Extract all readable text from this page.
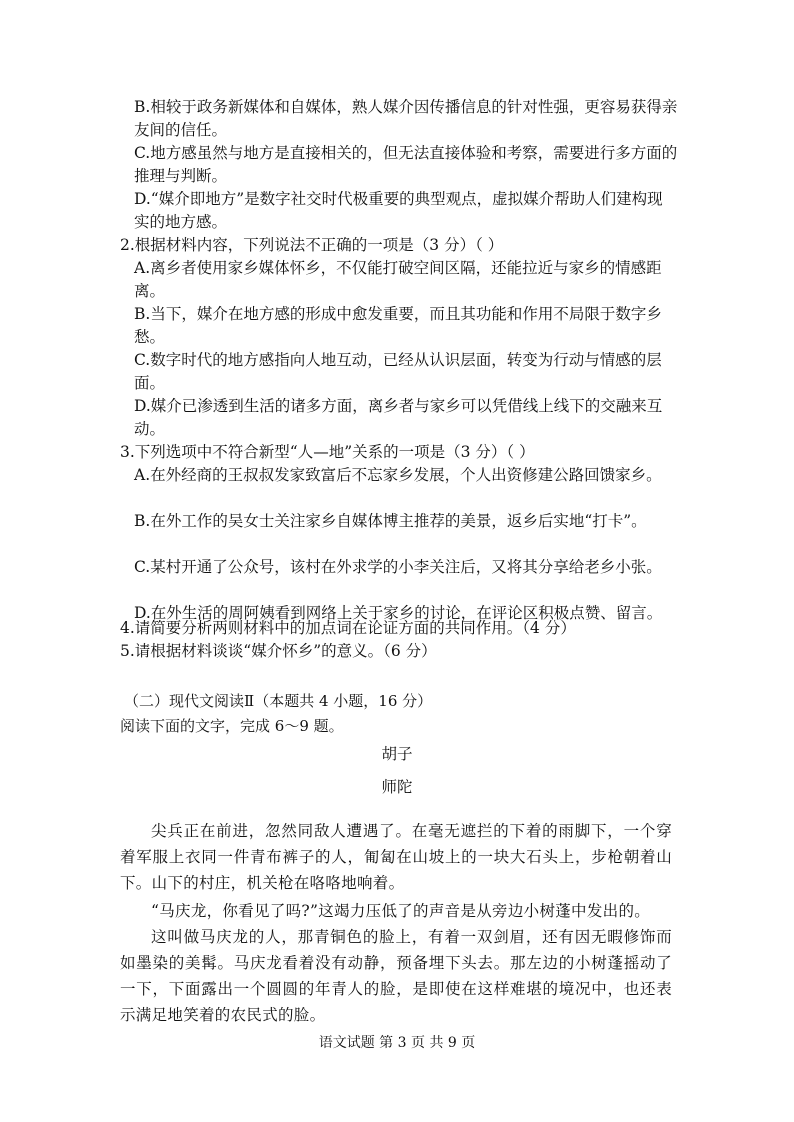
B.相较于政务新媒体和自媒体，熟人媒介因传播信息的针对性强，更容易获得亲友间的信任。
C.地方感虽然与地方是直接相关的，但无法直接体验和考察，需要进行多方面的推理与判断。
D.“媒介即地方”是数字社交时代极重要的典型观点，虚拟媒介帮助人们建构现实的地方感。
2.根据材料内容，下列说法不正确的一项是（3 分）（ ）
A.离乡者使用家乡媒体怀乡，不仅能打破空间区隔，还能拉近与家乡的情感距离。
B.当下，媒介在地方感的形成中愈发重要，而且其功能和作用不局限于数字乡愁。
C.数字时代的地方感指向人地互动，已经从认识层面，转变为行动与情感的层面。
D.媒介已渗透到生活的诸多方面，离乡者与家乡可以凭借线上线下的交融来互动。
3.下列选项中不符合新型“人—地”关系的一项是（3 分）（ ）
A.在外经商的王叔叔发家致富后不忘家乡发展，个人出资修建公路回馈家乡。
B.在外工作的吴女士关注家乡自媒体博主推荐的美景，返乡后实地“打卡”。
C.某村开通了公众号，该村在外求学的小李关注后，又将其分享给老乡小张。
D.在外生活的周阿姨看到网络上关于家乡的讨论，在评论区积极点赞、留言。
4.请简要分析两则材料中的加点词在论证方面的共同作用。（4 分）
5.请根据材料谈谈“媒介怀乡”的意义。（6 分）
（二）现代文阅读Ⅱ（本题共 4 小题，16 分）
阅读下面的文字，完成 6～9 题。
胡子
师陀
尖兵正在前进，忽然同敌人遭遇了。在毫无遮拦的下着的雨脚下，一个穿着军服上衣同一件青布裤子的人，匍匐在山坡上的一块大石头上，步枪朝着山下。山下的村庄，机关枪在咯咯地响着。
“马庆龙，你看见了吗?”这竭力压低了的声音是从旁边小树蓬中发出的。
这叫做马庆龙的人，那青铜色的脸上，有着一双剑眉，还有因无暇修饰而如墨染的美髯。马庆龙看着没有动静，预备埋下头去。那左边的小树蓬摇动了一下，下面露出一个圆圆的年青人的脸，是即使在这样难堪的境况中，也还表示满足地笑着的农民式的脸。
语文试题 第 3 页 共 9 页
